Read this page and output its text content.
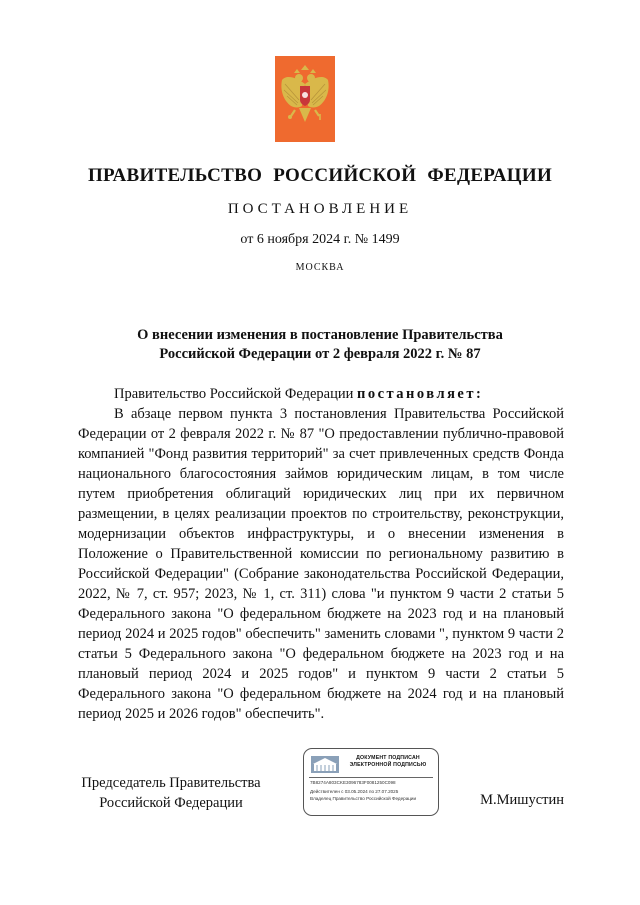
ПРАВИТЕЛЬСТВО РОССИЙСКОЙ ФЕДЕРАЦИИ
ПОСТАНОВЛЕНИЕ
от 6 ноября 2024 г. № 1499
МОСКВА
О внесении изменения в постановление Правительства
Российской Федерации от 2 февраля 2022 г. № 87

Правительство Российской Федерации постановляет:

В абзаце первом пункта 3 постановления Правительства Российской Федерации от 2 февраля 2022 г. № 87 "О предоставлении публично-правовой компанией "Фонд развития территорий" за счет привлеченных средств Фонда национального благосостояния займов юридическим лицам, в том числе путем приобретения облигаций юридических лиц при их первичном размещении, в целях реализации проектов по строительству, реконструкции, модернизации объектов инфраструктуры, и о внесении изменения в Положение о Правительственной комиссии по региональному развитию в Российской Федерации" (Собрание законодательства Российской Федерации, 2022, № 7, ст. 957; 2023, № 1, ст. 311) слова "и пунктом 9 части 2 статьи 5 Федерального закона "О федеральном бюджете на 2023 год и на плановый период 2024 и 2025 годов" обеспечить" заменить словами ", пунктом 9 части 2 статьи 5 Федерального закона "О федеральном бюджете на 2023 год и на плановый период 2024 и 2025 годов" и пунктом 9 части 2 статьи 5 Федерального закона "О федеральном бюджете на 2024 год и на плановый период 2025 и 2026 годов" обеспечить".

Председатель Правительства
Российской Федерации
ДОКУМЕНТ ПОДПИСАН
ЭЛЕКТРОННОЙ ПОДПИСЬЮ
7B8274A803CKE3096783F0081250C098
Действителен с 03.05.2024 по 27.07.2025
Владелец Правительство Российской Федерации	М.Мишустин
